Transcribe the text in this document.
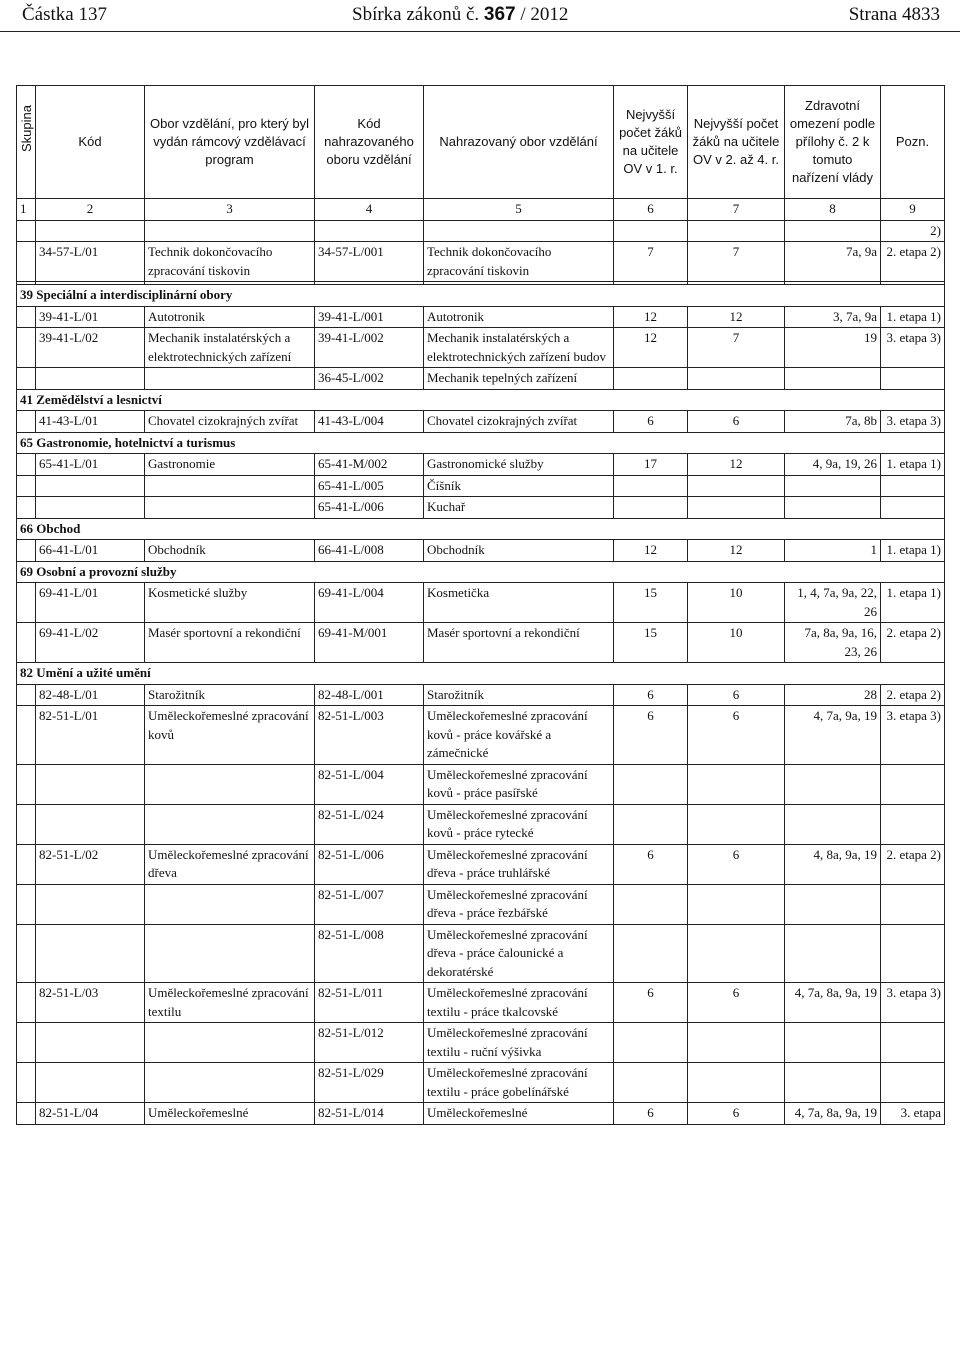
Částka 137	Sbírka zákonů č. 367 / 2012	Strana 4833
Skupina	Kód	Obor vzdělání, pro který byl vydán rámcový vzdělávací program	Kód nahrazovaného oboru vzdělání	Nahrazovaný obor vzdělání	Nejvyšší počet žáků na učitele OV v 1. r.	Nejvyšší počet žáků na učitele OV v 2. až 4. r.	Zdravotní omezení podle přílohy č. 2 k tomuto nařízení vlády	Pozn.
1	2	3	4	5	6	7	8	9
								2)
	34-57-L/01	Technik dokončovacího zpracování tiskovin	34-57-L/001	Technik dokončovacího zpracování tiskovin	7	7	7a, 9a	2. etapa 2)

39 Speciální a interdisciplinární obory								
	39-41-L/01	Autotronik	39-41-L/001	Autotronik	12	12	3, 7a, 9a	1. etapa 1)
	39-41-L/02	Mechanik instalatérských a elektrotechnických zařízení	39-41-L/002	Mechanik instalatérských a elektrotechnických zařízení budov	12	7	19	3. etapa 3)
			36-45-L/002	Mechanik tepelných zařízení				
41 Zemědělství a lesnictví								
	41-43-L/01	Chovatel cizokrajných zvířat	41-43-L/004	Chovatel cizokrajných zvířat	6	6	7a, 8b	3. etapa 3)
65 Gastronomie, hotelnictví a turismus								
	65-41-L/01	Gastronomie	65-41-M/002	Gastronomické služby	17	12	4, 9a, 19, 26	1. etapa 1)
			65-41-L/005	Číšník				
			65-41-L/006	Kuchař				
66 Obchod								
	66-41-L/01	Obchodník	66-41-L/008	Obchodník	12	12	1	1. etapa 1)
69 Osobní a provozní služby								
	69-41-L/01	Kosmetické služby	69-41-L/004	Kosmetička	15	10	1, 4, 7a, 9a, 22, 26	1. etapa 1)
	69-41-L/02	Masér sportovní a rekondiční	69-41-M/001	Masér sportovní a rekondiční	15	10	7a, 8a, 9a, 16, 23, 26	2. etapa 2)
82 Umění a užité umění								
	82-48-L/01	Starožitník	82-48-L/001	Starožitník	6	6	28	2. etapa 2)
	82-51-L/01	Uměleckořemeslné zpracování kovů	82-51-L/003	Uměleckořemeslné zpracování kovů - práce kovářské a zámečnické	6	6	4, 7a, 9a, 19	3. etapa 3)
			82-51-L/004	Uměleckořemeslné zpracování kovů - práce pasířské				
			82-51-L/024	Uměleckořemeslné zpracování kovů - práce rytecké				
	82-51-L/02	Uměleckořemeslné zpracování dřeva	82-51-L/006	Uměleckořemeslné zpracování dřeva - práce truhlářské	6	6	4, 8a, 9a, 19	2. etapa 2)
			82-51-L/007	Uměleckořemeslné zpracování dřeva - práce řezbářské				
			82-51-L/008	Uměleckořemeslné zpracování dřeva - práce čalounické a dekoratérské				
	82-51-L/03	Uměleckořemeslné zpracování textilu	82-51-L/011	Uměleckořemeslné zpracování textilu - práce tkalcovské	6	6	4, 7a, 8a, 9a, 19	3. etapa 3)
			82-51-L/012	Uměleckořemeslné zpracování textilu - ruční výšivka				
			82-51-L/029	Uměleckořemeslné zpracování textilu - práce gobelínářské				
	82-51-L/04	Uměleckořemeslné	82-51-L/014	Uměleckořemeslné	6	6	4, 7a, 8a, 9a, 19	3. etapa
